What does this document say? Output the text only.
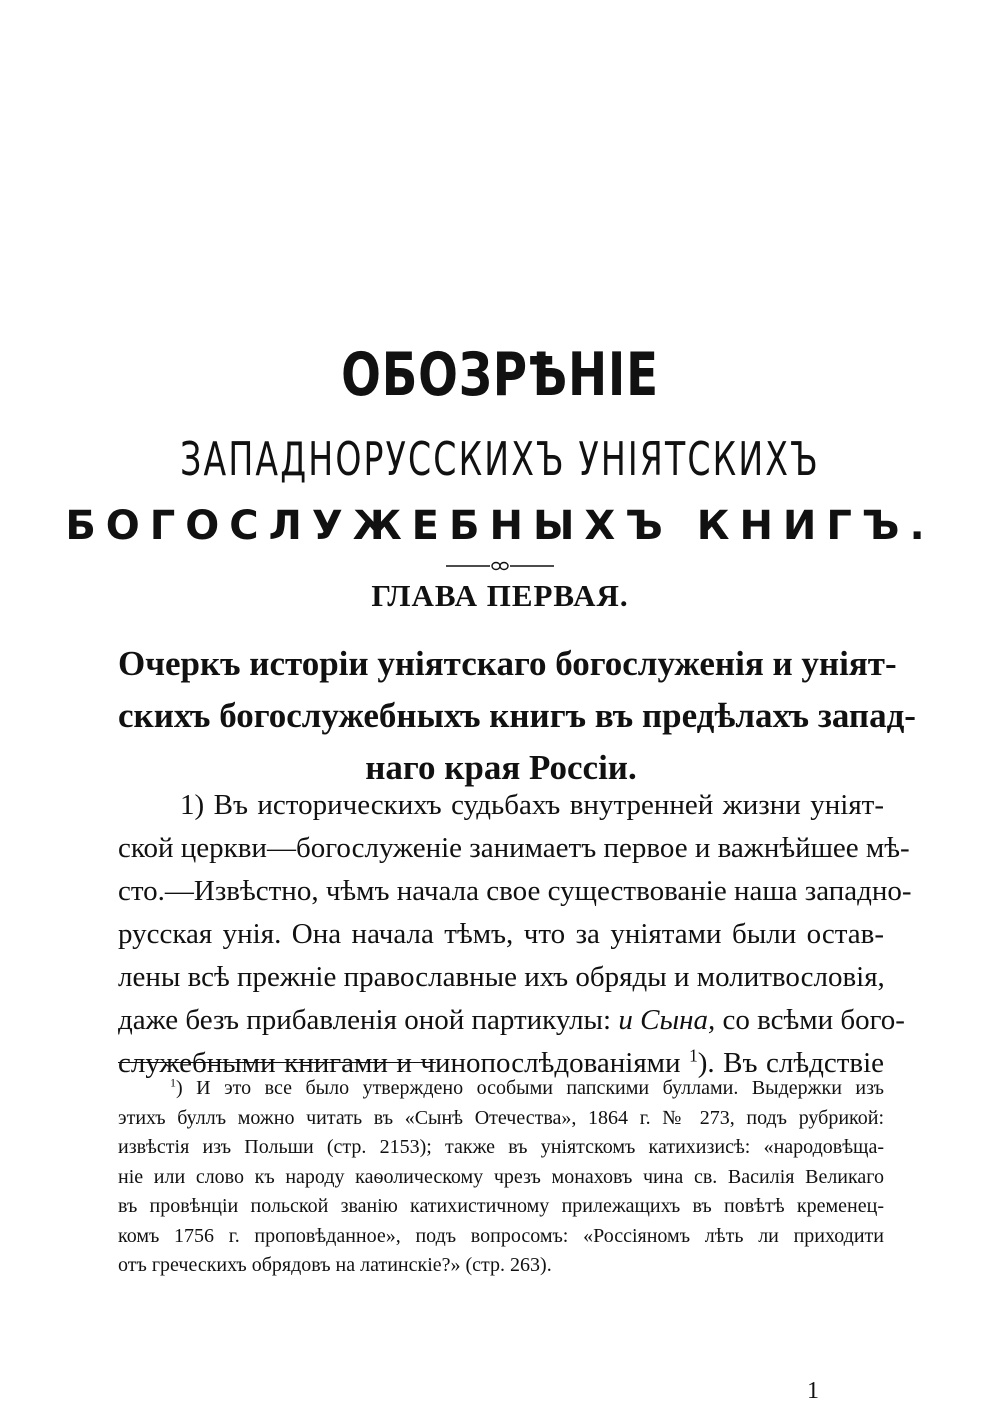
ОБОЗРѢНІЕ
ЗАПАДНОРУССКИХЪ УНІЯТСКИХЪ
БОГОСЛУЖЕБНЫХЪ КНИГЪ.
ГЛАВА ПЕРВАЯ.
Очеркъ исторіи уніятскаго богослуженія и уніят-
скихъ богослужебныхъ книгъ въ предѣлахъ запад-
наго края Россіи.
1) Въ историческихъ судьбахъ внутренней жизни уніят-
ской церкви—богослуженіе занимаетъ первое и важнѣйшее мѣ-
сто.—Извѣстно, чѣмъ начала свое существованіе наша западно-
русская унія. Она начала тѣмъ, что за уніятами были остав-
лены всѣ прежніе православные ихъ обряды и молитвословія,
даже безъ прибавленія оной партикулы: и Сына, со всѣми бого-
служебными книгами и чинопослѣдованіями $^1$). Въ слѣдствіе
$^1$) И это все было утверждено особыми папскими буллами. Выдержки изъ
этихъ буллъ можно читать въ «Сынѣ Отечества», 1864 г. № 273, подъ рубрикой:
извѣстія изъ Польши (стр. 2153); также въ уніятскомъ катихизисѣ: «народовѣща-
ніе или слово къ народу каѳолическому чрезъ монаховъ чина св. Василія Великаго
въ провѣнціи польской званію катихистичному прилежащихъ въ повѣтѣ кременец-
комъ 1756 г. проповѣданное», подъ вопросомъ: «Россіяномъ лѣть ли приходити
отъ греческихъ обрядовъ на латинскіе?» (стр. 263).
1
